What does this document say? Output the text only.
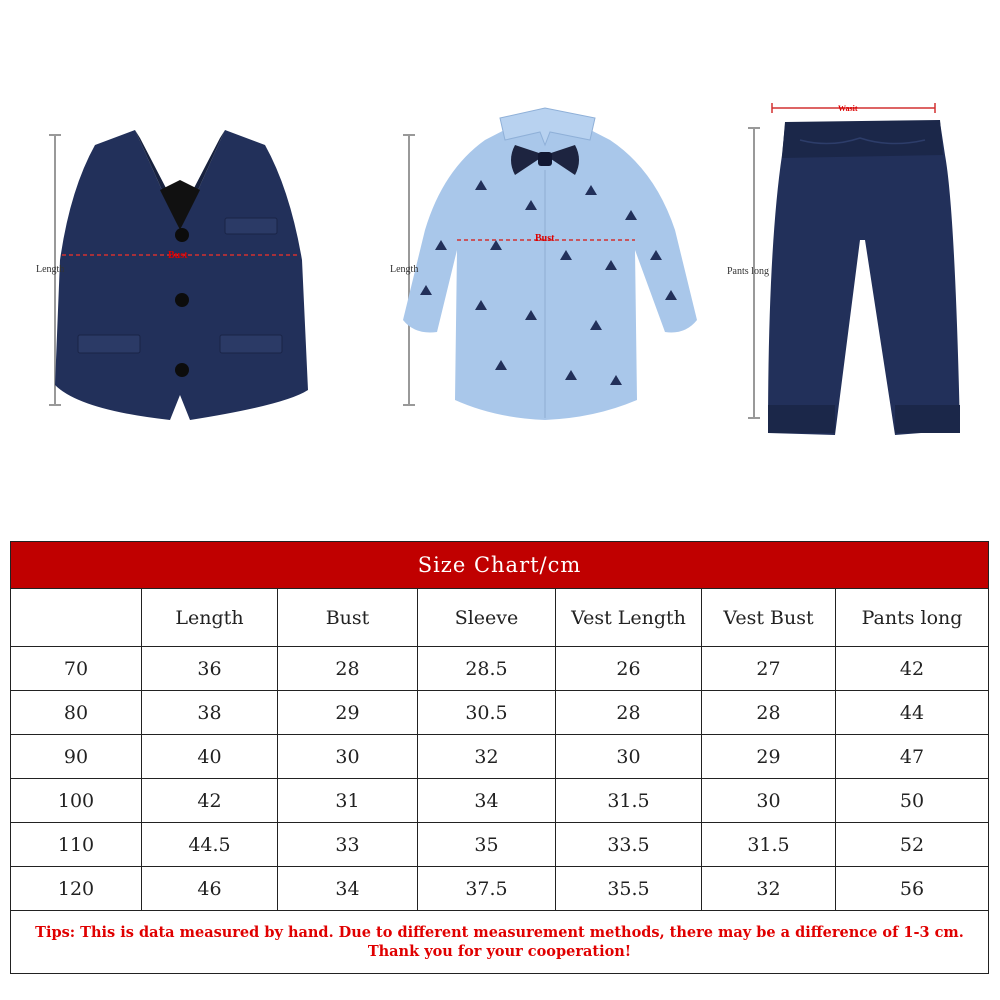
Length
Bust
Length
Bust
Wasit
Pants long
Size Chart/cm						
	Length	Bust	Sleeve	Vest Length	Vest Bust	Pants long
70	36	28	28.5	26	27	42
80	38	29	30.5	28	28	44
90	40	30	32	30	29	47
100	42	31	34	31.5	30	50
110	44.5	33	35	33.5	31.5	52
120	46	34	37.5	35.5	32	56
Tips: This is data measured by hand. Due to different measurement methods, there may be a difference of 1-3 cm. Thank you for your cooperation!						
